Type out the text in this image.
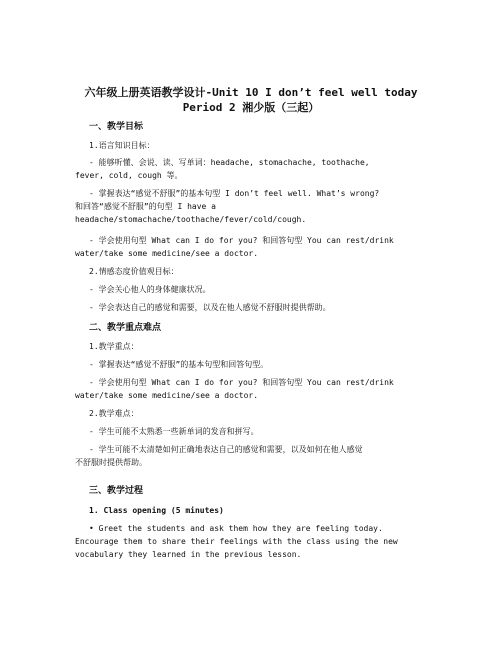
六年级上册英语教学设计-Unit 10 I don’t feel well today
Period 2 湘少版（三起）
一、教学目标
1.语言知识目标：
- 能够听懂、会说、读、写单词：headache, stomachache, toothache,
fever, cold, cough 等。
- 掌握表达“感觉不舒服”的基本句型 I don’t feel well. What’s wrong?
和回答“感觉不舒服”的句型 I have a
headache/stomachache/toothache/fever/cold/cough.
- 学会使用句型 What can I do for you? 和回答句型 You can rest/drink
water/take some medicine/see a doctor.
2.情感态度价值观目标：
- 学会关心他人的身体健康状况。
- 学会表达自己的感觉和需要，以及在他人感觉不舒服时提供帮助。
二、教学重点难点
1.教学重点：
- 掌握表达“感觉不舒服”的基本句型和回答句型。
- 学会使用句型 What can I do for you? 和回答句型 You can rest/drink
water/take some medicine/see a doctor.
2.教学难点：
- 学生可能不太熟悉一些新单词的发音和拼写。
- 学生可能不太清楚如何正确地表达自己的感觉和需要，以及如何在他人感觉
不舒服时提供帮助。
三、教学过程
1. Class opening (5 minutes)
• Greet the students and ask them how they are feeling today.
Encourage them to share their feelings with the class using the new
vocabulary they learned in the previous lesson.
